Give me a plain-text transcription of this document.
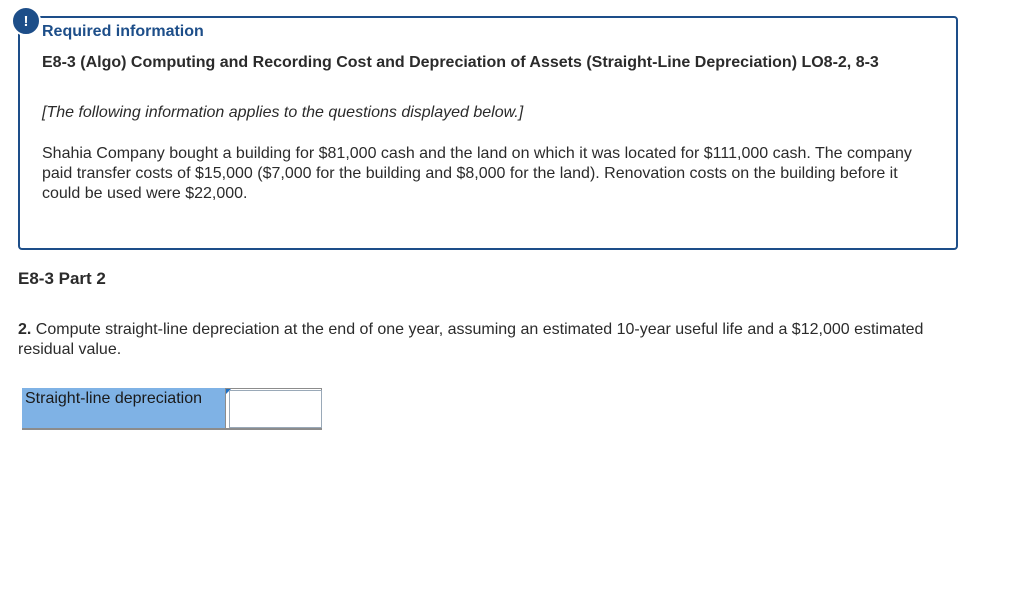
!
Required information
E8-3 (Algo) Computing and Recording Cost and Depreciation of Assets (Straight-Line Depreciation) LO8-2, 8-3
[The following information applies to the questions displayed below.]
Shahia Company bought a building for $81,000 cash and the land on which it was located for $111,000 cash. The company paid transfer costs of $15,000 ($7,000 for the building and $8,000 for the land). Renovation costs on the building before it could be used were $22,000.
E8-3 Part 2
2. Compute straight-line depreciation at the end of one year, assuming an estimated 10-year useful life and a $12,000 estimated residual value.
Straight-line depreciation
